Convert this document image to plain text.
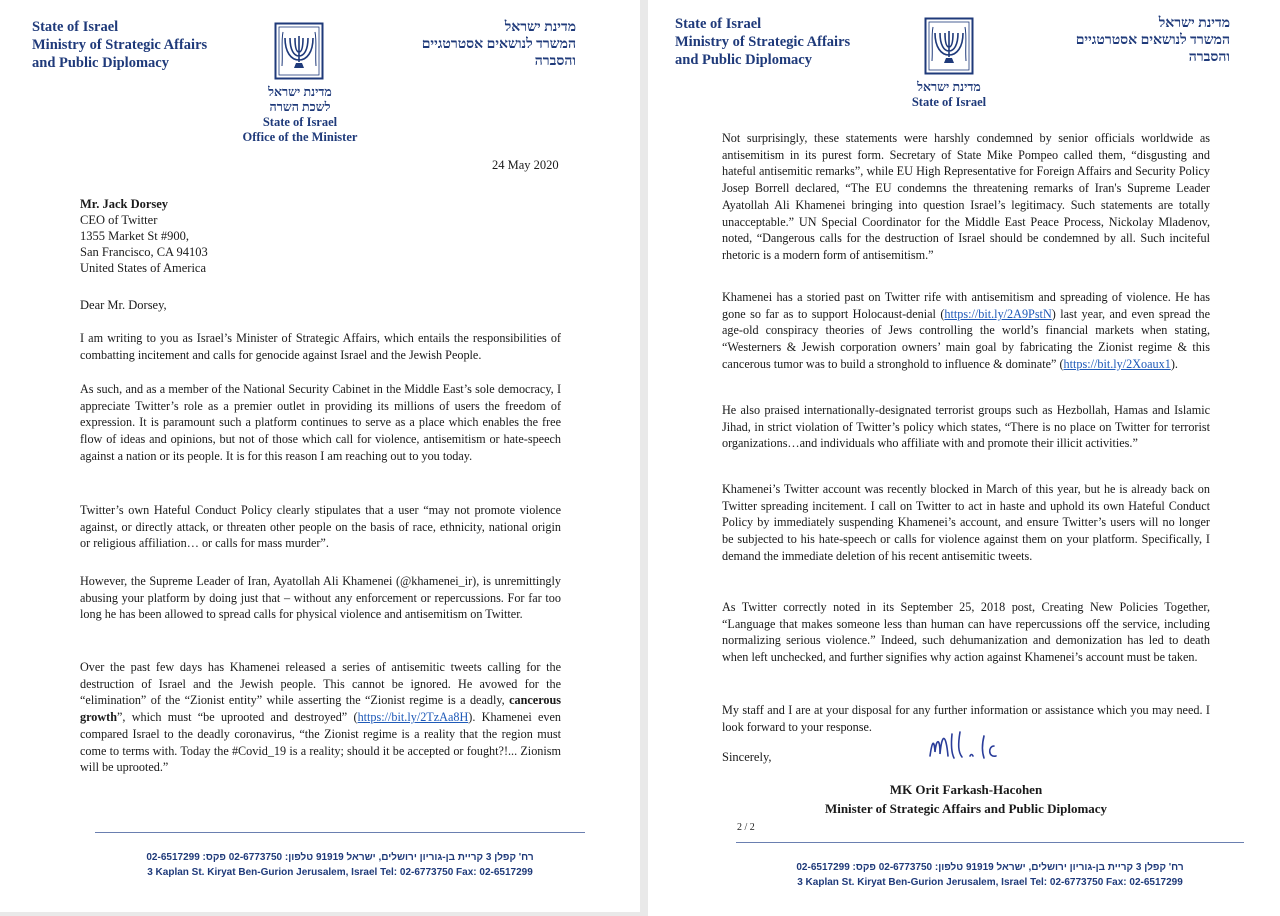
State of Israel
Ministry of Strategic Affairs
and Public Diplomacy
מדינת ישראל
המשרד לנושאים אסטרטגיים
והסברה
מדינת ישראל
לשכת השרה
State of Israel
Office of the Minister
24 May 2020
Mr. Jack Dorsey
CEO of Twitter
1355 Market St #900,
San Francisco, CA 94103
United States of America
Dear Mr. Dorsey,
I am writing to you as Israel’s Minister of Strategic Affairs, which entails the responsibilities of combatting incitement and calls for genocide against Israel and the Jewish People.
As such, and as a member of the National Security Cabinet in the Middle East’s sole democracy, I appreciate Twitter’s role as a premier outlet in providing its millions of users the freedom of expression. It is paramount such a platform continues to serve as a place which enables the free flow of ideas and opinions, but not of those which call for violence, antisemitism or hate-speech against a nation or its people. It is for this reason I am reaching out to you today.
Twitter’s own Hateful Conduct Policy clearly stipulates that a user “may not promote violence against, or directly attack, or threaten other people on the basis of race, ethnicity, national origin or religious affiliation… or calls for mass murder”.
However, the Supreme Leader of Iran, Ayatollah Ali Khamenei (@khamenei_ir), is unremittingly abusing your platform by doing just that – without any enforcement or repercussions. For far too long he has been allowed to spread calls for physical violence and antisemitism on Twitter.
Over the past few days has Khamenei released a series of antisemitic tweets calling for the destruction of Israel and the Jewish people. This cannot be ignored. He avowed for the “elimination” of the “Zionist entity” while asserting the “Zionist regime is a deadly, cancerous growth”, which must “be uprooted and destroyed” (https://bit.ly/2TzAa8H). Khamenei even compared Israel to the deadly coronavirus, “the Zionist regime is a reality that the region must come to terms with. Today the #Covid_19 is a reality; should it be accepted or fought?!... Zionism will be uprooted.”
רח' קפלן 3 קריית בן-גוריון ירושלים, ישראל 91919 טלפון: 02-6773750 פקס: 02-6517299
3 Kaplan St. Kiryat Ben-Gurion Jerusalem, Israel Tel: 02-6773750 Fax: 02-6517299
State of Israel
Ministry of Strategic Affairs
and Public Diplomacy
מדינת ישראל
המשרד לנושאים אסטרטגיים
והסברה
מדינת ישראל
State of Israel
Not surprisingly, these statements were harshly condemned by senior officials worldwide as antisemitism in its purest form. Secretary of State Mike Pompeo called them, “disgusting and hateful antisemitic remarks”, while EU High Representative for Foreign Affairs and Security Policy Josep Borrell declared, “The EU condemns the threatening remarks of Iran's Supreme Leader Ayatollah Ali Khamenei bringing into question Israel’s legitimacy. Such statements are totally unacceptable.” UN Special Coordinator for the Middle East Peace Process, Nickolay Mladenov, noted, “Dangerous calls for the destruction of Israel should be condemned by all. Such inciteful rhetoric is a modern form of antisemitism.”
Khamenei has a storied past on Twitter rife with antisemitism and spreading of violence. He has gone so far as to support Holocaust-denial (https://bit.ly/2A9PstN) last year, and even spread the age-old conspiracy theories of Jews controlling the world’s financial markets when stating, “Westerners & Jewish corporation owners’ main goal by fabricating the Zionist regime & this cancerous tumor was to build a stronghold to influence & dominate” (https://bit.ly/2Xoaux1).
He also praised internationally-designated terrorist groups such as Hezbollah, Hamas and Islamic Jihad, in strict violation of Twitter’s policy which states, “There is no place on Twitter for terrorist organizations…and individuals who affiliate with and promote their illicit activities.”
Khamenei’s Twitter account was recently blocked in March of this year, but he is already back on Twitter spreading incitement. I call on Twitter to act in haste and uphold its own Hateful Conduct Policy by immediately suspending Khamenei’s account, and ensure Twitter’s users will no longer be subjected to his hate-speech or calls for violence against them on your platform. Specifically, I demand the immediate deletion of his recent antisemitic tweets.
As Twitter correctly noted in its September 25, 2018 post, Creating New Policies Together, “Language that makes someone less than human can have repercussions off the service, including normalizing serious violence.” Indeed, such dehumanization and demonization has led to death when left unchecked, and further signifies why action against Khamenei’s account must be taken.
My staff and I are at your disposal for any further information or assistance which you may need. I look forward to your response.
Sincerely,
MK Orit Farkash-Hacohen
Minister of Strategic Affairs and Public Diplomacy
2 / 2
רח' קפלן 3 קריית בן-גוריון ירושלים, ישראל 91919 טלפון: 02-6773750 פקס: 02-6517299
3 Kaplan St. Kiryat Ben-Gurion Jerusalem, Israel Tel: 02-6773750 Fax: 02-6517299
